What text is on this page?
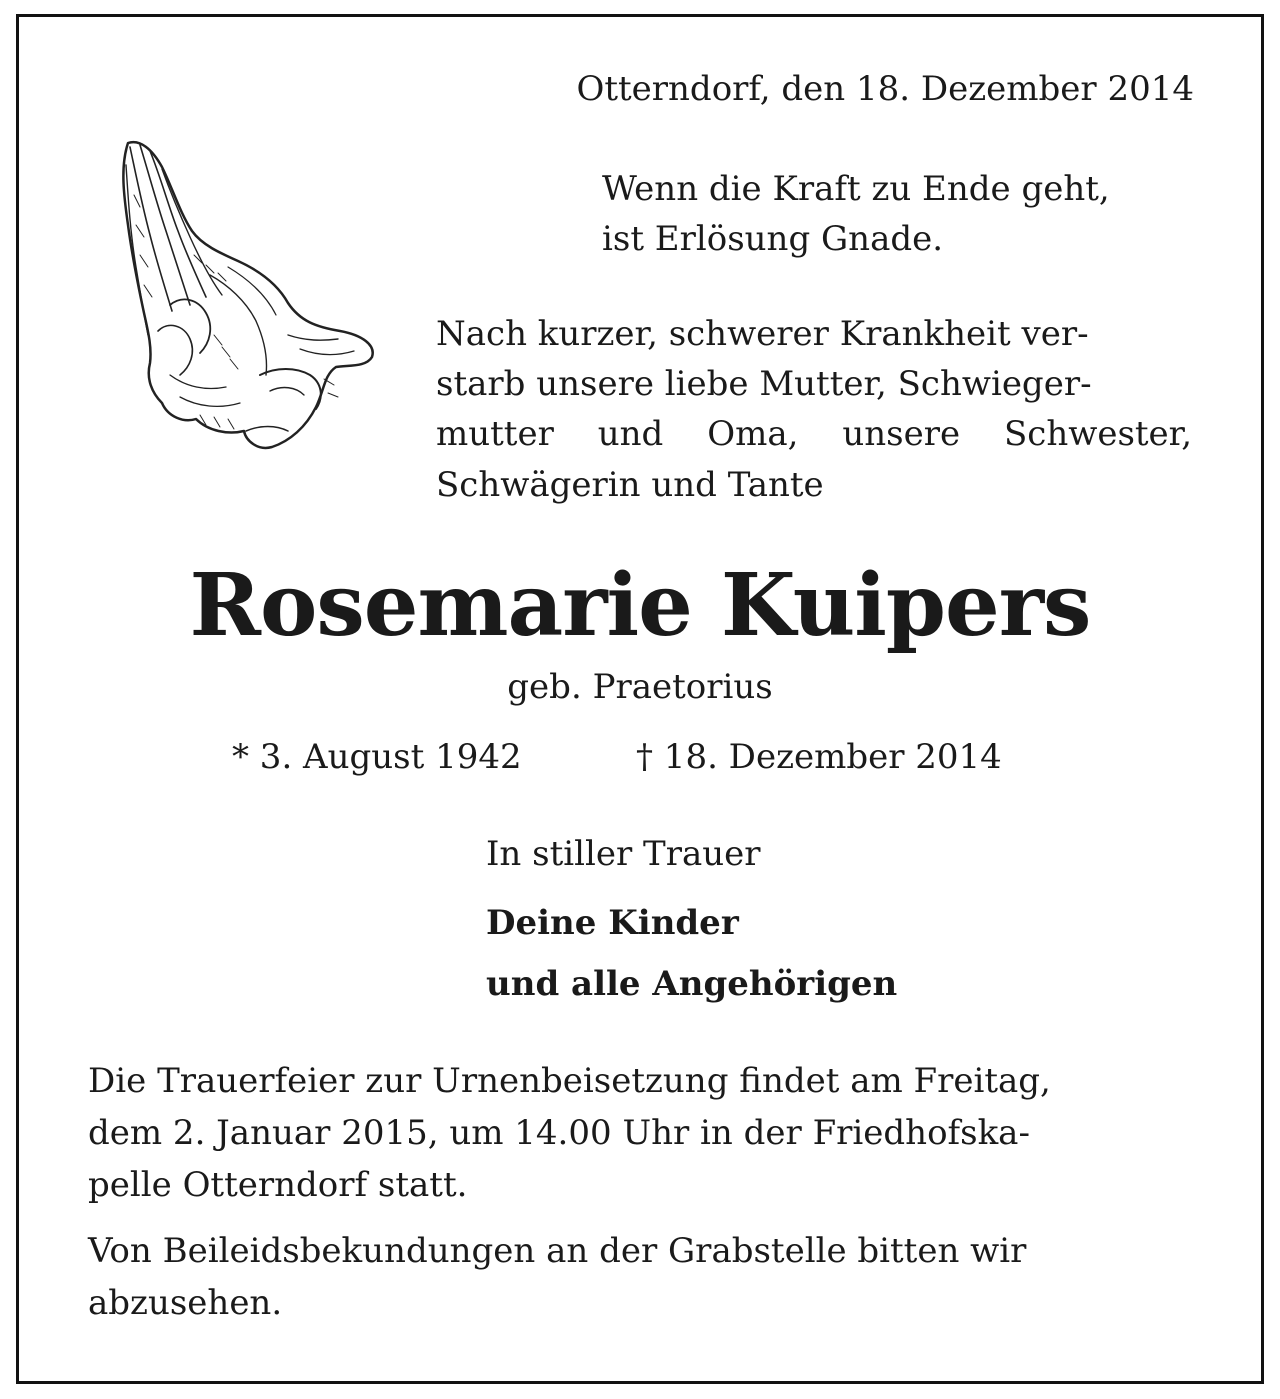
Otterndorf, den 18. Dezember 2014

Wenn die Kraft zu Ende geht,

ist Erlösung Gnade.

Nach kurzer, schwerer Krankheit ver-

starb unsere liebe Mutter, Schwieger-

mutter und Oma, unsere Schwester,

Schwägerin und Tante

Rosemarie Kuipers

geb. Praetorius

* 3. August 1942	† 18. Dezember 2014

In stiller Trauer

Deine Kinder

und alle Angehörigen

Die Trauerfeier zur Urnenbeisetzung findet am Freitag,

dem 2. Januar 2015, um 14.00 Uhr in der Friedhofska-

pelle Otterndorf statt.

Von Beileidsbekundungen an der Grabstelle bitten wir

abzusehen.
